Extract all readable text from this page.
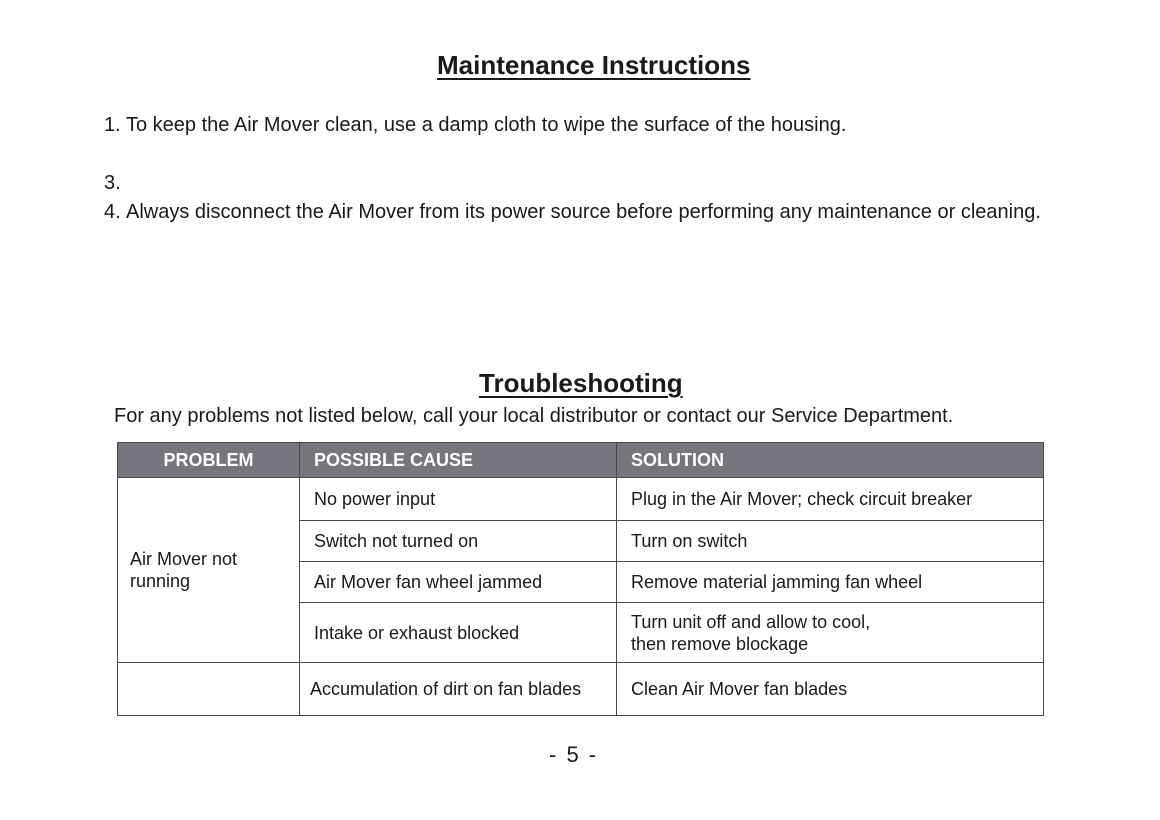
Maintenance Instructions
1. To keep the Air Mover clean, use a damp cloth to wipe the surface of the housing.
3.
4. Always disconnect the Air Mover from its power source before performing any maintenance or cleaning.
Troubleshooting
For any problems not listed below, call your local distributor or contact our Service Department.
PROBLEM	POSSIBLE CAUSE	SOLUTION
Air Mover not running	No power input	Plug in the Air Mover; check circuit breaker
	Switch not turned on	Turn on switch
	Air Mover fan wheel jammed	Remove material jamming fan wheel
	Intake or exhaust blocked	Turn unit off and allow to cool,
then remove blockage

	Accumulation of dirt on fan blades	Clean Air Mover fan blades
- 5 -
